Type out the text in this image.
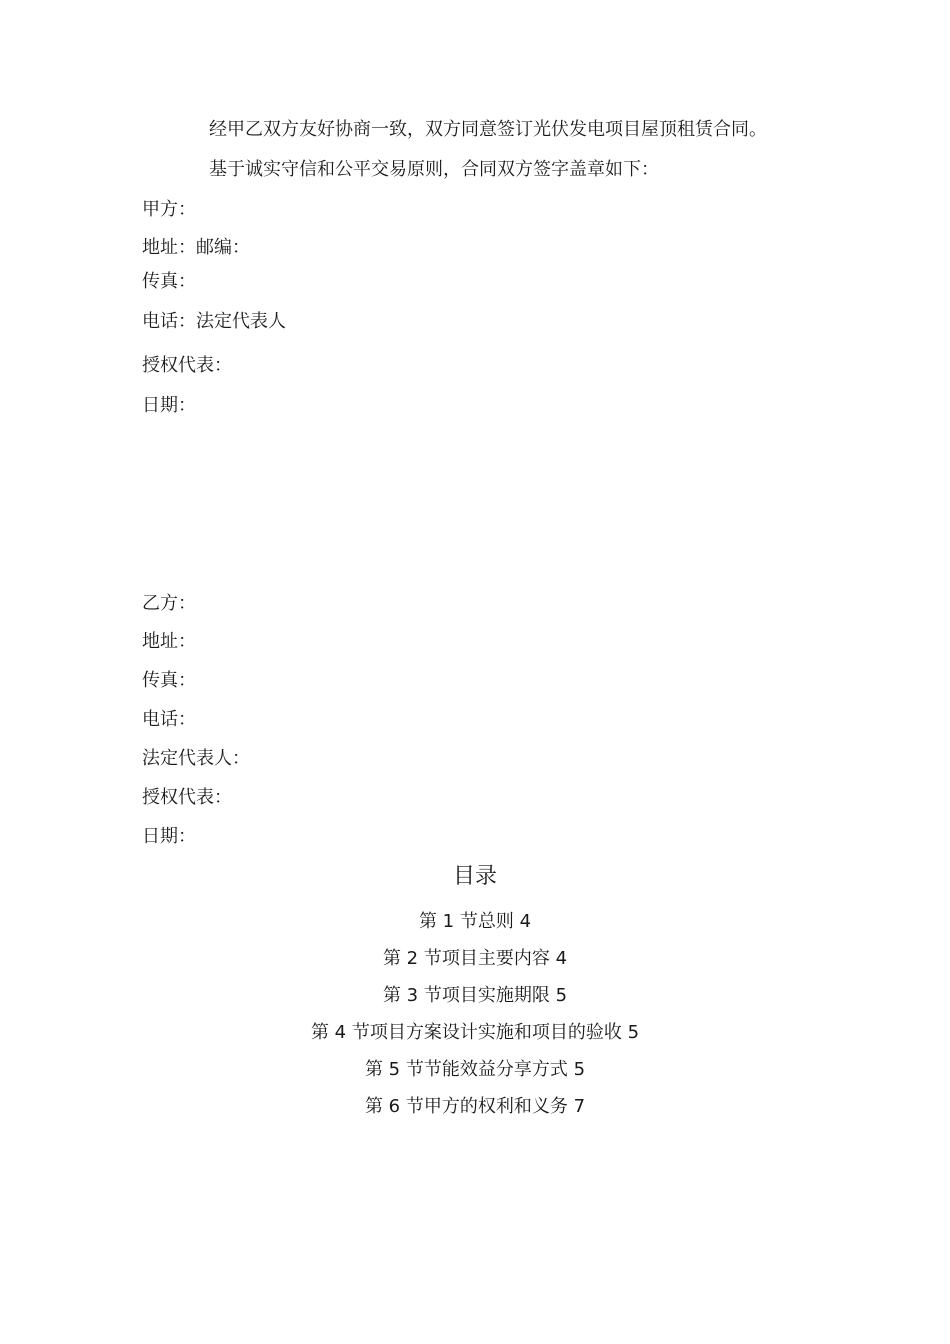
经甲乙双方友好协商一致，双方同意签订光伏发电项目屋顶租赁合同。
基于诚实守信和公平交易原则，合同双方签字盖章如下：
甲方：
地址：邮编：
传真：
电话：法定代表人
授权代表：
日期：
乙方：
地址：
传真：
电话：
法定代表人：
授权代表：
日期：
目录
第 1 节总则 4
第 2 节项目主要内容 4
第 3 节项目实施期限 5
第 4 节项目方案设计实施和项目的验收 5
第 5 节节能效益分享方式 5
第 6 节甲方的权利和义务 7
